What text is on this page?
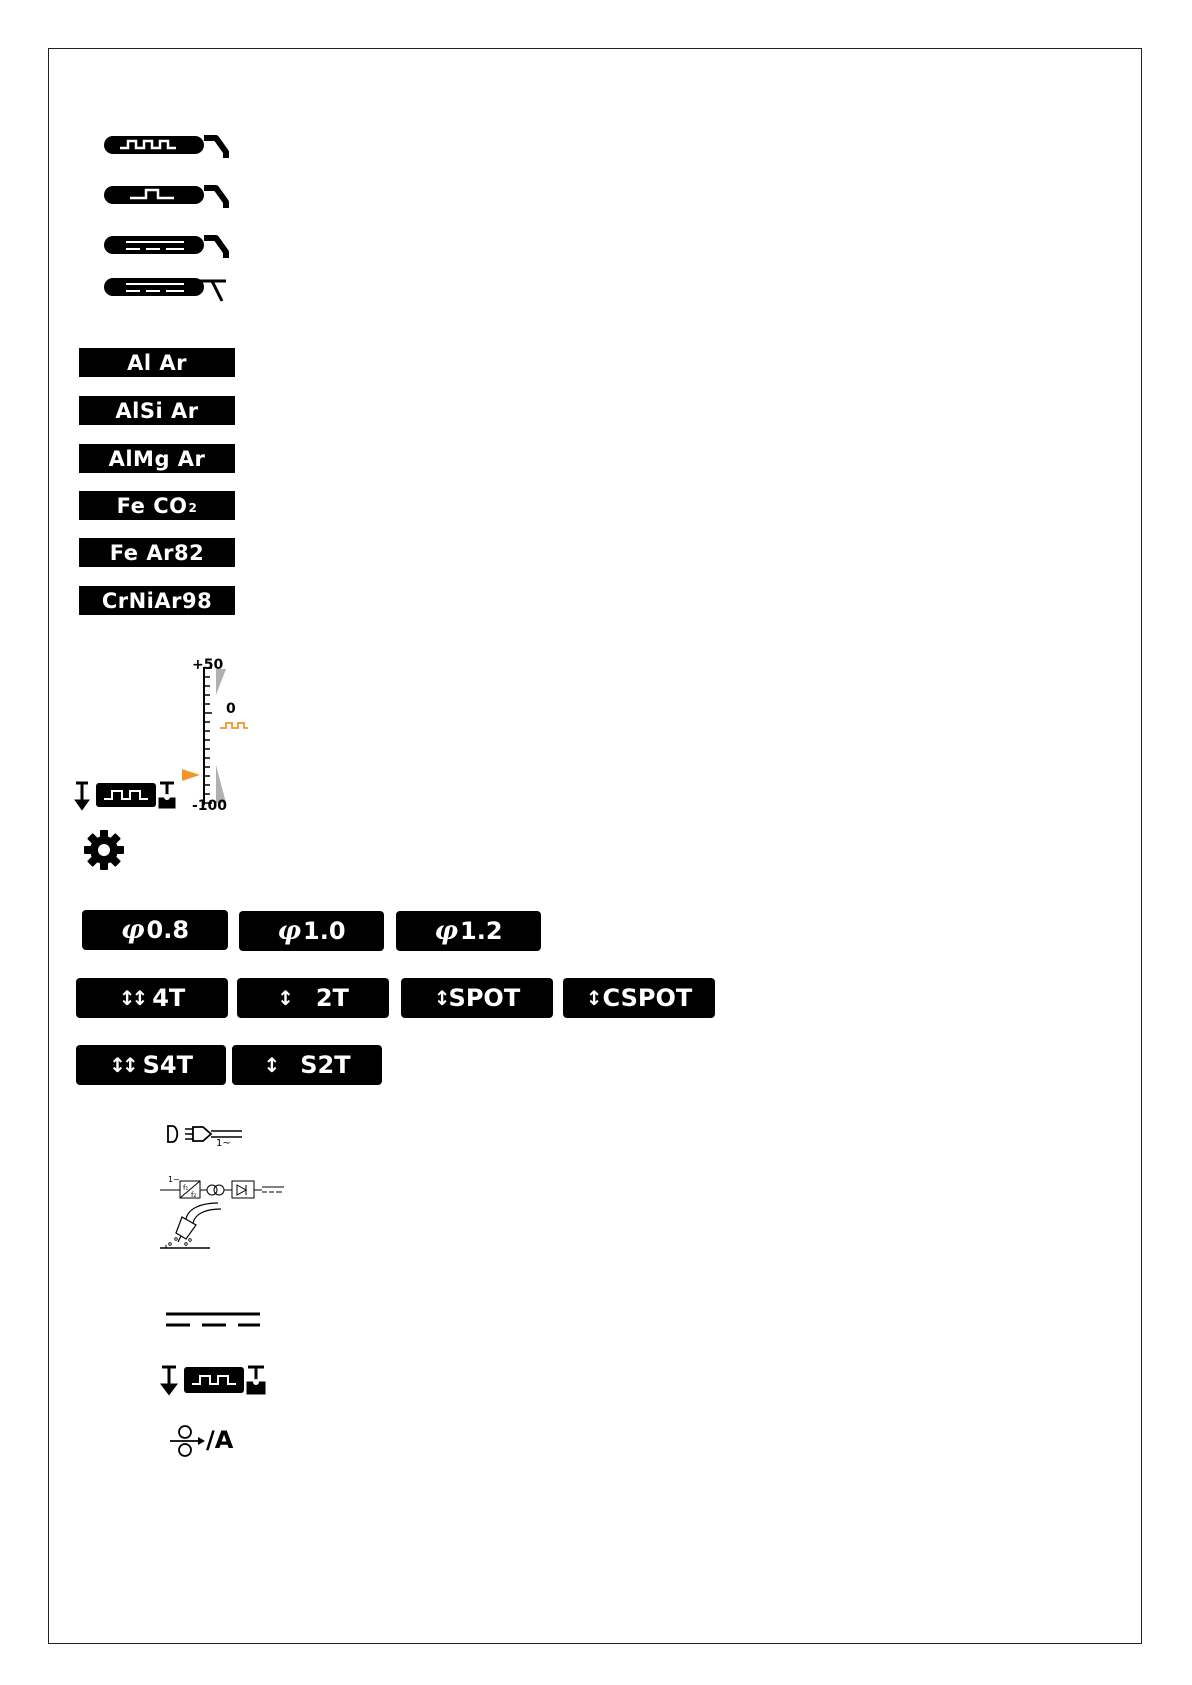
Al Ar
AlSi Ar
AlMg Ar
Fe CO 2
Fe Ar82
CrNiAr98
+50
0
-100
φ 0.8	φ 1.0	φ 1.2
↕↕ 4T	↕ 2T	↕ SPOT	↕ CSPOT
↕↕ S4T	↕ S2T
1~
f₁
f₂
1~
/A
